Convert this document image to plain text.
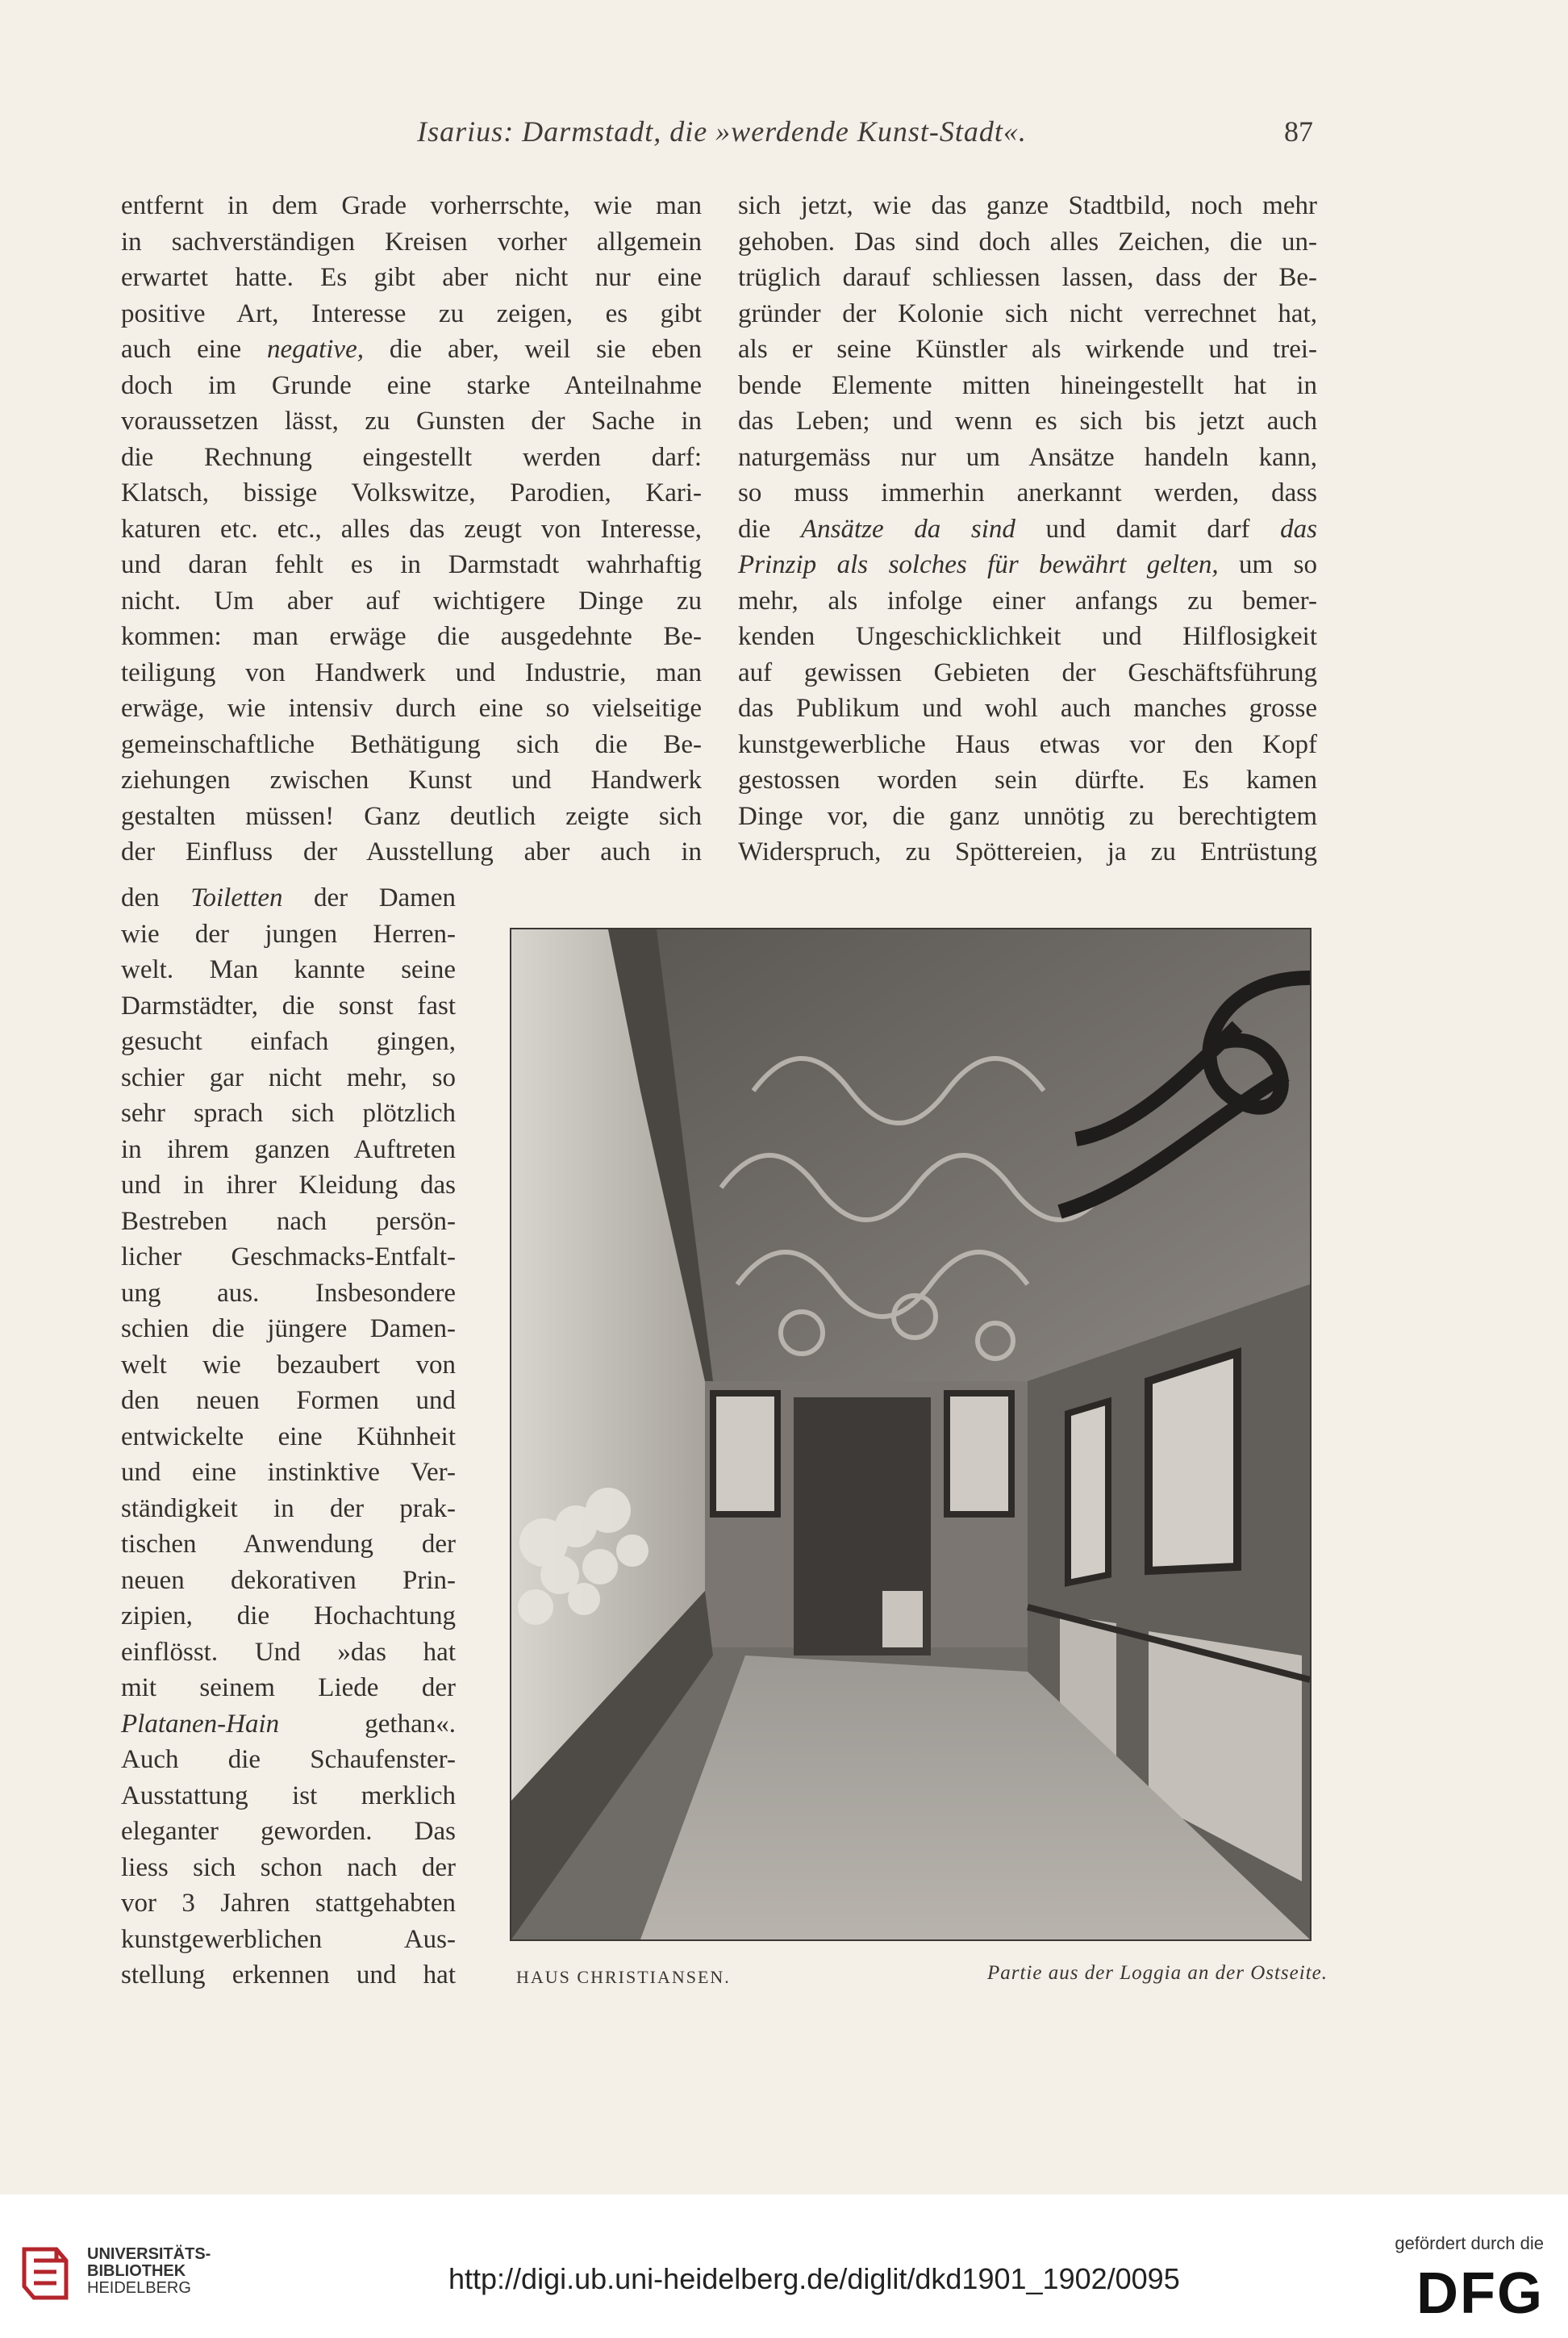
Isarius: Darmstadt, die »werdende Kunst-Stadt«.	87
entfernt in dem Grade vorherrschte, wie man
in sachverständigen Kreisen vorher allgemein
erwartet hatte. Es gibt aber nicht nur eine
positive Art, Interesse zu zeigen, es gibt
auch eine negative, die aber, weil sie eben
doch im Grunde eine starke Anteilnahme
voraussetzen lässt, zu Gunsten der Sache in
die Rechnung eingestellt werden darf:
Klatsch, bissige Volkswitze, Parodien, Kari-
katuren etc. etc., alles das zeugt von Interesse,
und daran fehlt es in Darmstadt wahrhaftig
nicht. Um aber auf wichtigere Dinge zu
kommen: man erwäge die ausgedehnte Be-
teiligung von Handwerk und Industrie, man
erwäge, wie intensiv durch eine so vielseitige
gemeinschaftliche Bethätigung sich die Be-
ziehungen zwischen Kunst und Handwerk
gestalten müssen! Ganz deutlich zeigte sich
der Einfluss der Ausstellung aber auch in
den Toiletten der Damen
wie der jungen Herren-
welt. Man kannte seine
Darmstädter, die sonst fast
gesucht einfach gingen,
schier gar nicht mehr, so
sehr sprach sich plötzlich
in ihrem ganzen Auftreten
und in ihrer Kleidung das
Bestreben nach persön-
licher Geschmacks-Entfalt-
ung aus. Insbesondere
schien die jüngere Damen-
welt wie bezaubert von
den neuen Formen und
entwickelte eine Kühnheit
und eine instinktive Ver-
ständigkeit in der prak-
tischen Anwendung der
neuen dekorativen Prin-
zipien, die Hochachtung
einflösst. Und »das hat
mit seinem Liede der
Platanen-Hain gethan«.
Auch die Schaufenster-
Ausstattung ist merklich
eleganter geworden. Das
liess sich schon nach der
vor 3 Jahren stattgehabten
kunstgewerblichen Aus-
stellung erkennen und hat
sich jetzt, wie das ganze Stadtbild, noch mehr
gehoben. Das sind doch alles Zeichen, die un-
trüglich darauf schliessen lassen, dass der Be-
gründer der Kolonie sich nicht verrechnet hat,
als er seine Künstler als wirkende und trei-
bende Elemente mitten hineingestellt hat in
das Leben; und wenn es sich bis jetzt auch
naturgemäss nur um Ansätze handeln kann,
so muss immerhin anerkannt werden, dass
die Ansätze da sind und damit darf das
Prinzip als solches für bewährt gelten, um so
mehr, als infolge einer anfangs zu bemer-
kenden Ungeschicklichkeit und Hilflosigkeit
auf gewissen Gebieten der Geschäftsführung
das Publikum und wohl auch manches grosse
kunstgewerbliche Haus etwas vor den Kopf
gestossen worden sein dürfte. Es kamen
Dinge vor, die ganz unnötig zu berechtigtem
Widerspruch, zu Spöttereien, ja zu Entrüstung
HAUS CHRISTIANSEN.	Partie aus der Loggia an der Ostseite.
UNIVERSITÄTS-
BIBLIOTHEK
HEIDELBERG	http://digi.ub.uni-heidelberg.de/diglit/dkd1901_1902/0095
gefördert durch die
DFG
